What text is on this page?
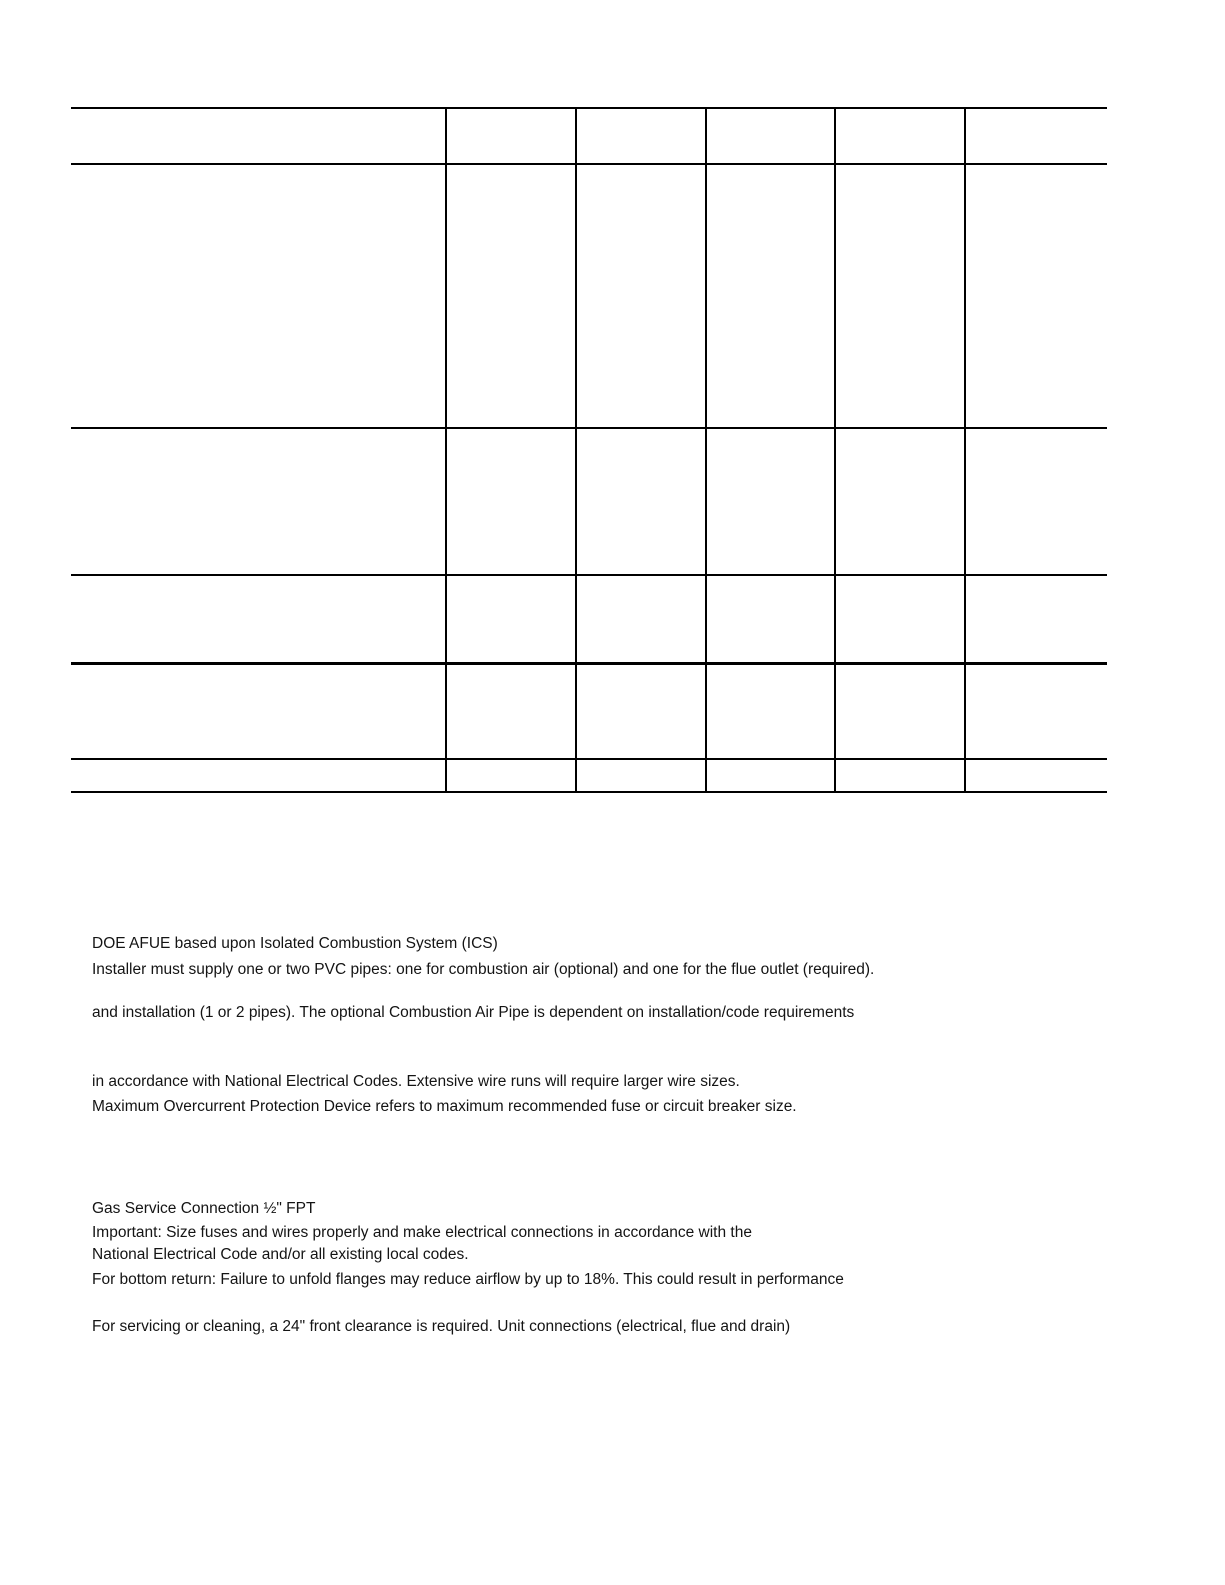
DOE AFUE based upon Isolated Combustion System (ICS)
Installer must supply one or two PVC pipes: one for combustion air (optional) and one for the flue outlet (required).
and installation (1 or 2 pipes). The optional Combustion Air Pipe is dependent on installation/code requirements
in accordance with National Electrical Codes. Extensive wire runs will require larger wire sizes.
Maximum Overcurrent Protection Device refers to maximum recommended fuse or circuit breaker size.
Gas Service Connection ½" FPT
Important: Size fuses and wires properly and make electrical connections in accordance with the
National Electrical Code and/or all existing local codes.
For bottom return: Failure to unfold flanges may reduce airflow by up to 18%. This could result in performance
For servicing or cleaning, a 24" front clearance is required. Unit connections (electrical, flue and drain)
